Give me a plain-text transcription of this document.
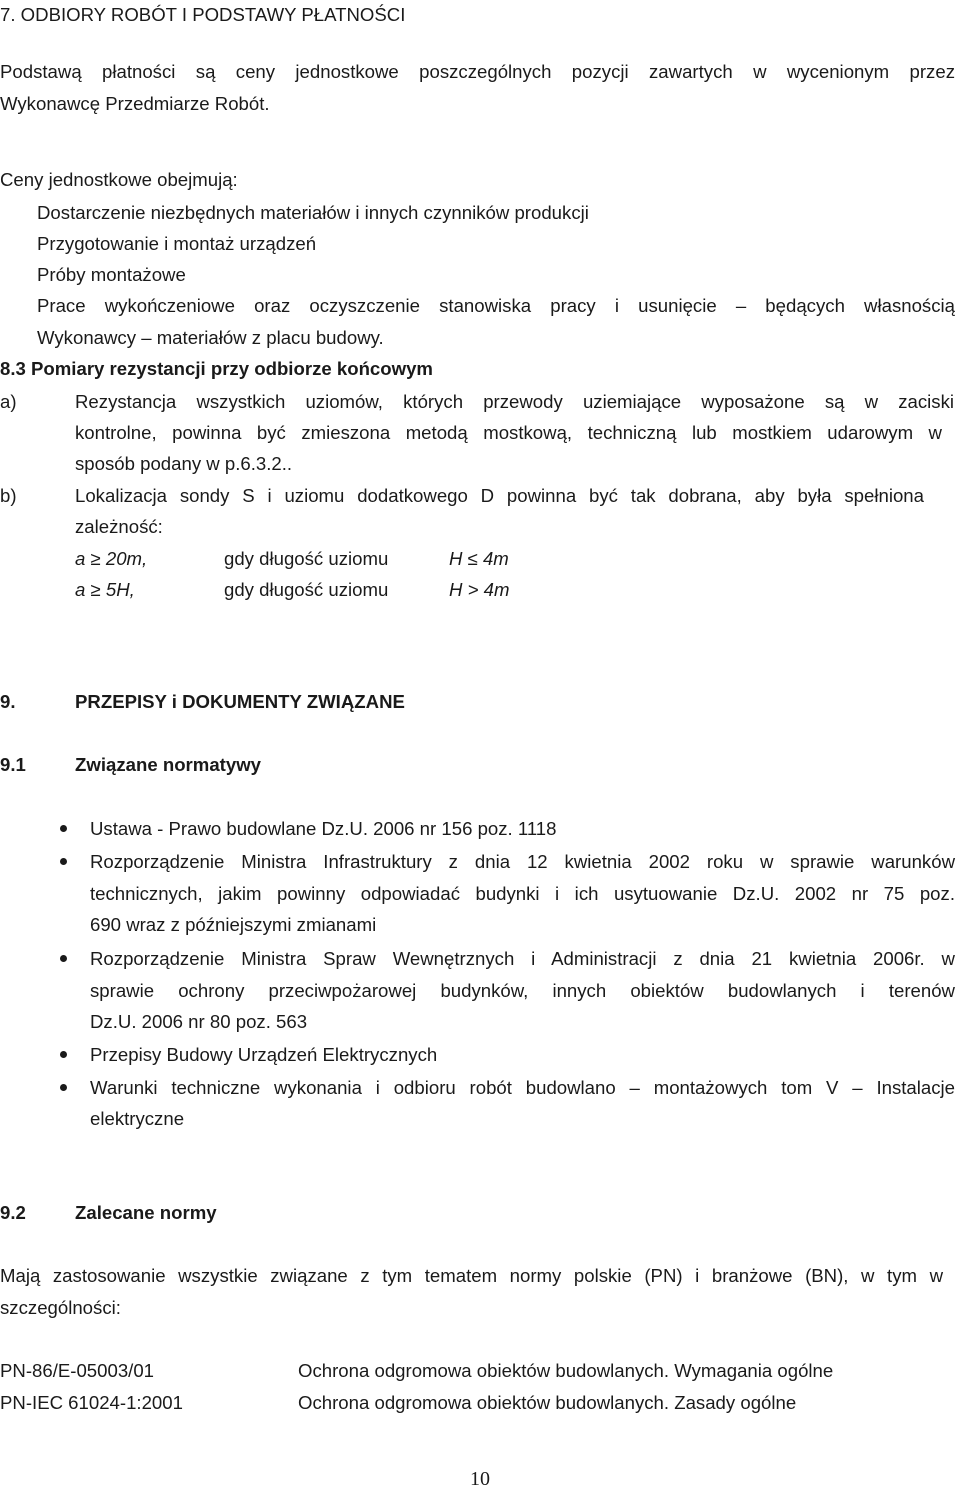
7. ODBIORY ROBÓT I PODSTAWY PŁATNOŚCI
Podstawą płatności są ceny jednostkowe poszczególnych pozycji zawartych w wycenionym przez
Wykonawcę Przedmiarze Robót.
Ceny jednostkowe obejmują:
Dostarczenie niezbędnych materiałów i innych czynników produkcji
Przygotowanie i montaż urządzeń
Próby montażowe
Prace wykończeniowe oraz oczyszczenie stanowiska pracy i usunięcie – będących własnością
Wykonawcy – materiałów z placu budowy.
8.3 Pomiary rezystancji przy odbiorze końcowym
a)	Rezystancja wszystkich uziomów, których przewody uziemiające wyposażone są w zaciski
kontrolne, powinna być zmieszona metodą mostkową, techniczną lub mostkiem udarowym w
sposób podany w p.6.3.2..
b)	Lokalizacja sondy S i uziomu dodatkowego D powinna być tak dobrana, aby była spełniona
zależność:
a ≥ 20m,	gdy długość uziomu	H ≤ 4m
a ≥ 5H,	gdy długość uziomu	H > 4m
9.	PRZEPISY i DOKUMENTY ZWIĄZANE
9.1	Związane normatywy
Ustawa - Prawo budowlane Dz.U. 2006 nr 156 poz. 1118
Rozporządzenie Ministra Infrastruktury z dnia 12 kwietnia 2002 roku w sprawie warunków
technicznych, jakim powinny odpowiadać budynki i ich usytuowanie Dz.U. 2002 nr 75 poz.
690 wraz z późniejszymi zmianami
Rozporządzenie Ministra Spraw Wewnętrznych i Administracji z dnia 21 kwietnia 2006r. w
sprawie ochrony przeciwpożarowej budynków, innych obiektów budowlanych i terenów
Dz.U. 2006 nr 80 poz. 563
Przepisy Budowy Urządzeń Elektrycznych
Warunki techniczne wykonania i odbioru robót budowlano – montażowych tom V – Instalacje
elektryczne
9.2	Zalecane normy
Mają zastosowanie wszystkie związane z tym tematem normy polskie (PN) i branżowe (BN), w tym w
szczególności:
PN-86/E-05003/01	Ochrona odgromowa obiektów budowlanych. Wymagania ogólne
PN-IEC 61024-1:2001	Ochrona odgromowa obiektów budowlanych. Zasady ogólne
10
